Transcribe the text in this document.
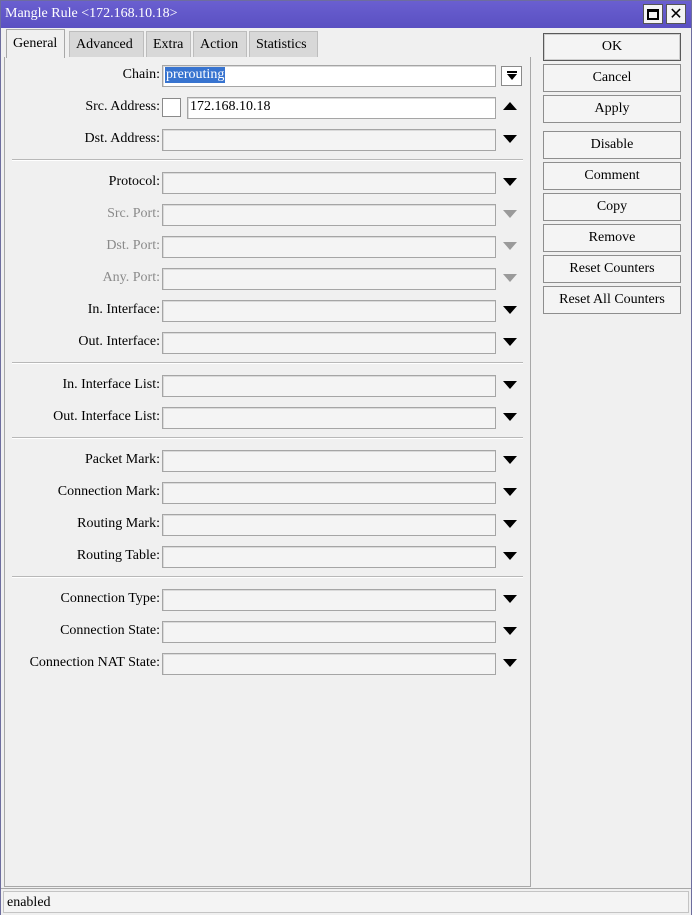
Mangle Rule <172.168.10.18>	✕
General	Advanced	Extra	Action	Statistics
Chain: prerouting
Src. Address: 172.168.10.18
Dst. Address:
Protocol:
Src. Port:
Dst. Port:
Any. Port:
In. Interface:
Out. Interface:
In. Interface List:
Out. Interface List:
Packet Mark:
Connection Mark:
Routing Mark:
Routing Table:
Connection Type:
Connection State:
Connection NAT State:
OK
Cancel
Apply
Disable
Comment
Copy
Remove
Reset Counters
Reset All Counters
enabled
